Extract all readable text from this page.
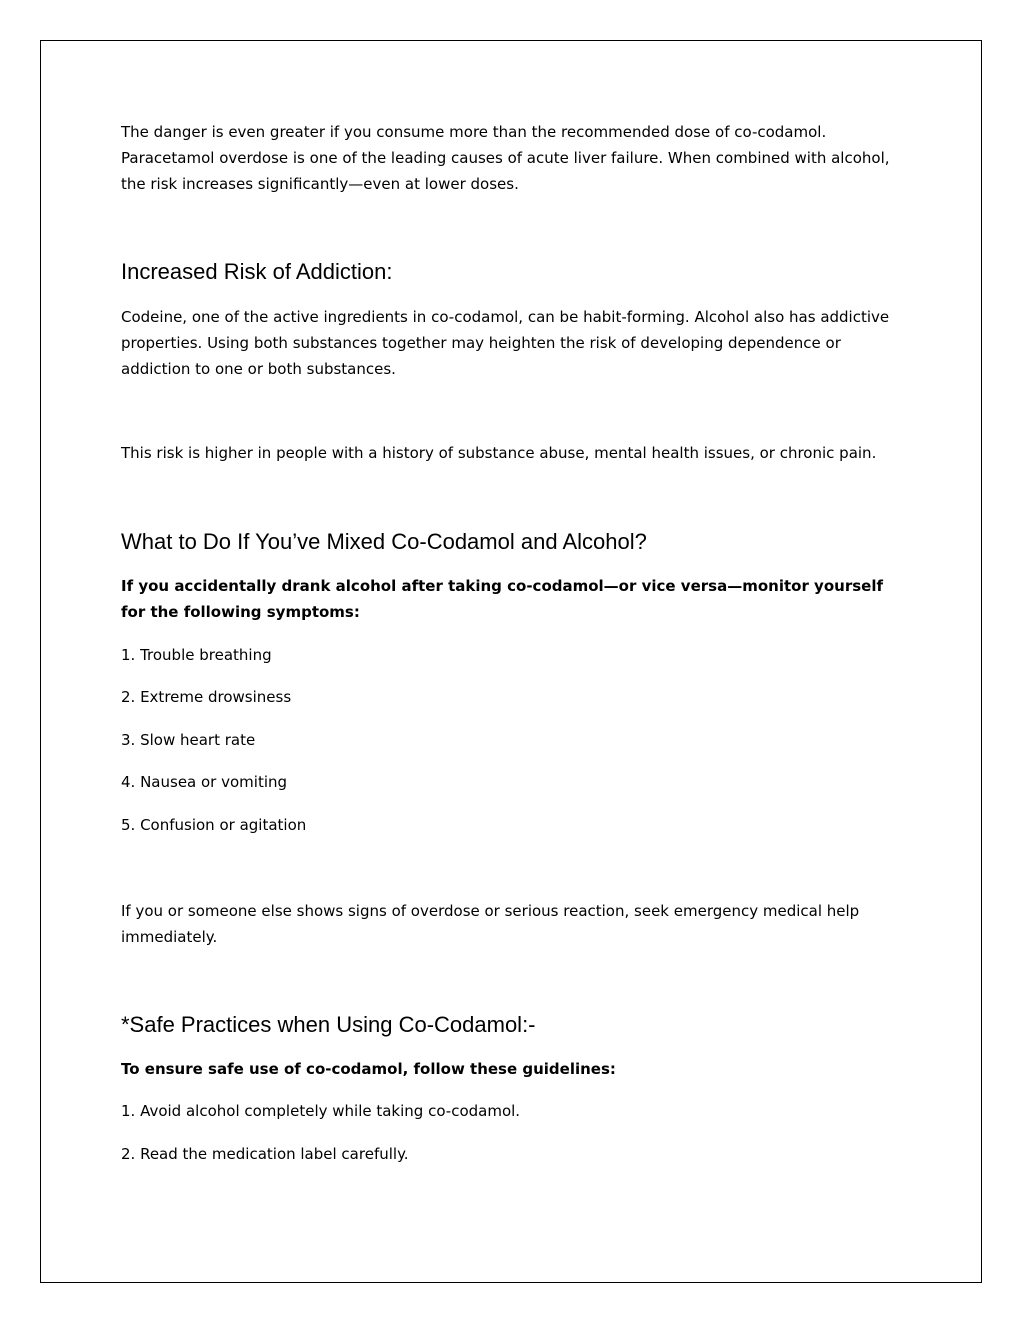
The danger is even greater if you consume more than the recommended dose of co-codamol. Paracetamol overdose is one of the leading causes of acute liver failure. When combined with alcohol, the risk increases significantly—even at lower doses.

Increased Risk of Addiction:

Codeine, one of the active ingredients in co-codamol, can be habit-forming. Alcohol also has addictive properties. Using both substances together may heighten the risk of developing dependence or addiction to one or both substances.

This risk is higher in people with a history of substance abuse, mental health issues, or chronic pain.

What to Do If You’ve Mixed Co-Codamol and Alcohol?

If you accidentally drank alcohol after taking co-codamol—or vice versa—monitor yourself for the following symptoms:

1. Trouble breathing

2. Extreme drowsiness

3. Slow heart rate

4. Nausea or vomiting

5. Confusion or agitation

If you or someone else shows signs of overdose or serious reaction, seek emergency medical help immediately.

*Safe Practices when Using Co-Codamol:-

To ensure safe use of co-codamol, follow these guidelines:

1. Avoid alcohol completely while taking co-codamol.

2. Read the medication label carefully.
